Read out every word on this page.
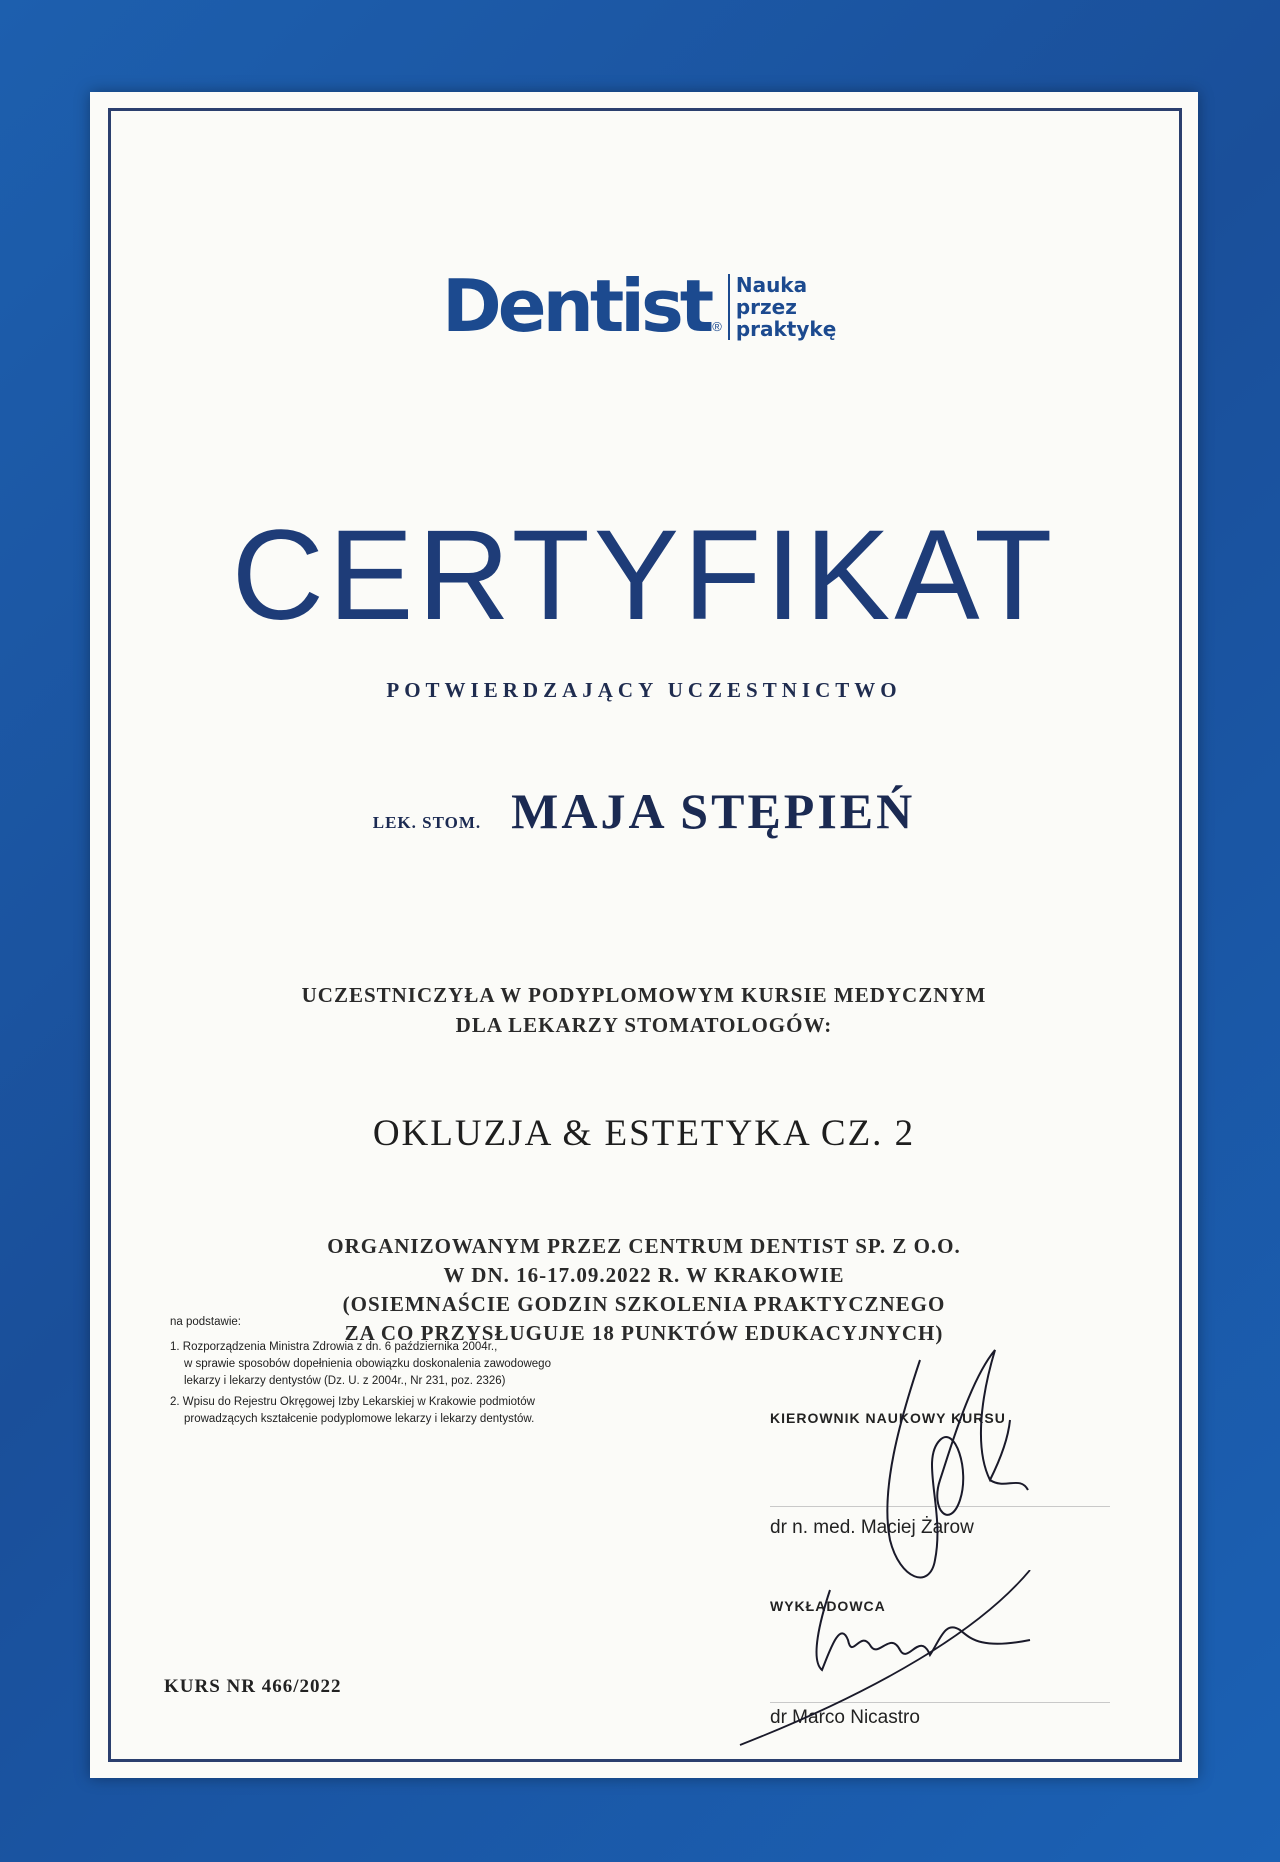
Dentist ®
Nauka
przez
praktykę
CERTYFIKAT
POTWIERDZAJĄCY UCZESTNICTWO
LEK. STOM. MAJA STĘPIEŃ
UCZESTNICZYŁA W PODYPLOMOWYM KURSIE MEDYCZNYM
DLA LEKARZY STOMATOLOGÓW:
OKLUZJA & ESTETYKA CZ. 2
ORGANIZOWANYM PRZEZ CENTRUM DENTIST SP. Z O.O.
W DN. 16-17.09.2022 R. W KRAKOWIE
(OSIEMNAŚCIE GODZIN SZKOLENIA PRAKTYCZNEGO
ZA CO PRZYSŁUGUJE 18 PUNKTÓW EDUKACYJNYCH)
na podstawie:
1. Rozporządzenia Ministra Zdrowia z dn. 6 października 2004r.,
w sprawie sposobów dopełnienia obowiązku doskonalenia zawodowego
lekarzy i lekarzy dentystów (Dz. U. z 2004r., Nr 231, poz. 2326)
2. Wpisu do Rejestru Okręgowej Izby Lekarskiej w Krakowie podmiotów
prowadzących kształcenie podyplomowe lekarzy i lekarzy dentystów.	KIEROWNIK NAUKOWY KURSU
dr n. med. Maciej Żarow
WYKŁADOWCA
dr Marco Nicastro
KURS NR 466/2022
